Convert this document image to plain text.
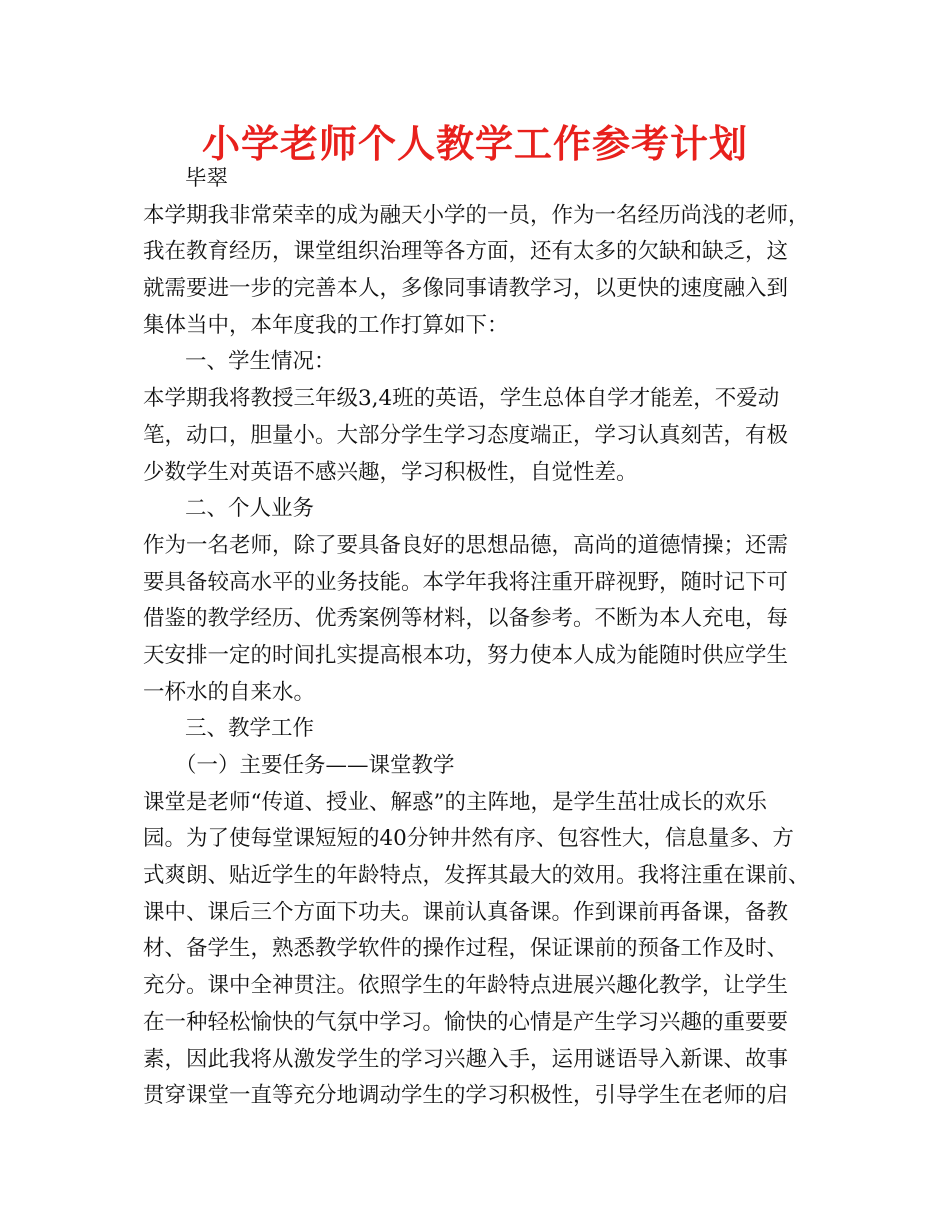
小学老师个人教学工作参考计划
毕翠
本学期我非常荣幸的成为融天小学的一员，作为一名经历尚浅的老师，
我在教育经历，课堂组织治理等各方面，还有太多的欠缺和缺乏，这
就需要进一步的完善本人，多像同事请教学习，以更快的速度融入到
集体当中，本年度我的工作打算如下：
一、学生情况：
本学期我将教授三年级3,4班的英语，学生总体自学才能差，不爱动
笔，动口，胆量小。大部分学生学习态度端正，学习认真刻苦，有极
少数学生对英语不感兴趣，学习积极性，自觉性差。
二、个人业务
作为一名老师，除了要具备良好的思想品德，高尚的道德情操；还需
要具备较高水平的业务技能。本学年我将注重开辟视野，随时记下可
借鉴的教学经历、优秀案例等材料，以备参考。不断为本人充电，每
天安排一定的时间扎实提高根本功，努力使本人成为能随时供应学生
一杯水的自来水。
三、教学工作
（一）主要任务——课堂教学
课堂是老师“传道、授业、解惑”的主阵地，是学生茁壮成长的欢乐
园。为了使每堂课短短的40分钟井然有序、包容性大，信息量多、方
式爽朗、贴近学生的年龄特点，发挥其最大的效用。我将注重在课前、
课中、课后三个方面下功夫。课前认真备课。作到课前再备课，备教
材、备学生，熟悉教学软件的操作过程，保证课前的预备工作及时、
充分。课中全神贯注。依照学生的年龄特点进展兴趣化教学，让学生
在一种轻松愉快的气氛中学习。愉快的心情是产生学习兴趣的重要要
素，因此我将从激发学生的学习兴趣入手，运用谜语导入新课、故事
贯穿课堂一直等充分地调动学生的学习积极性，引导学生在老师的启
